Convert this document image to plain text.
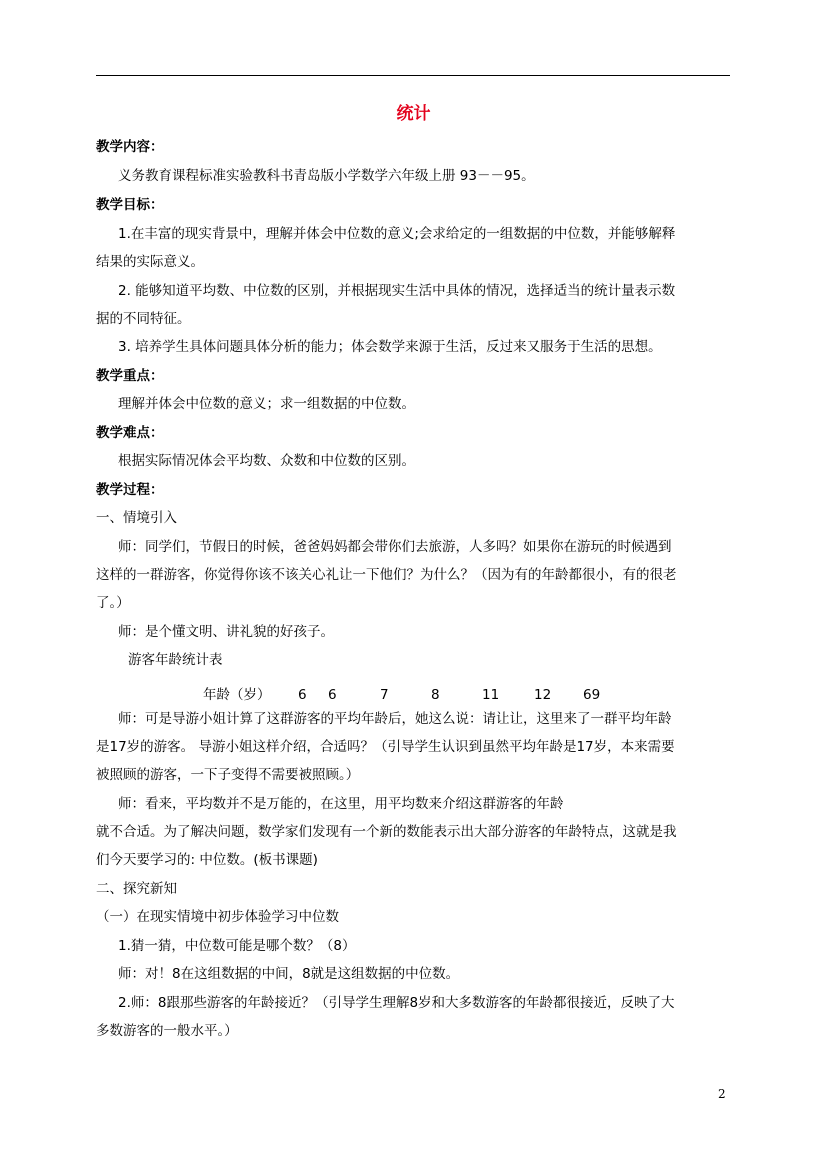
统计
教学内容：
义务教育课程标准实验教科书青岛版小学数学六年级上册 93－－95。
教学目标：
1.在丰富的现实背景中，理解并体会中位数的意义;会求给定的一组数据的中位数，并能够解释
结果的实际意义。
2. 能够知道平均数、中位数的区别，并根据现实生活中具体的情况，选择适当的统计量表示数
据的不同特征。
3. 培养学生具体问题具体分析的能力；体会数学来源于生活，反过来又服务于生活的思想。
教学重点：
理解并体会中位数的意义；求一组数据的中位数。
教学难点：
根据实际情况体会平均数、众数和中位数的区别。
教学过程：
一、情境引入
师：同学们，节假日的时候，爸爸妈妈都会带你们去旅游，人多吗？如果你在游玩的时候遇到
这样的一群游客，你觉得你该不该关心礼让一下他们？为什么？（因为有的年龄都很小，有的很老
了。）
师：是个懂文明、讲礼貌的好孩子。
游客年龄统计表
年龄（岁） 6 6	7	8	11	12 69
师：可是导游小姐计算了这群游客的平均年龄后，她这么说：请让让，这里来了一群平均年龄
是17岁的游客。 导游小姐这样介绍，合适吗？（引导学生认识到虽然平均年龄是17岁，本来需要
被照顾的游客，一下子变得不需要被照顾。）
师：看来，平均数并不是万能的，在这里，用平均数来介绍这群游客的年龄
就不合适。为了解决问题，数学家们发现有一个新的数能表示出大部分游客的年龄特点，这就是我
们今天要学习的: 中位数。(板书课题)
二、探究新知
（一）在现实情境中初步体验学习中位数
1.猜一猜，中位数可能是哪个数？（8）
师：对！8在这组数据的中间，8就是这组数据的中位数。
2.师：8跟那些游客的年龄接近？（引导学生理解8岁和大多数游客的年龄都很接近，反映了大
多数游客的一般水平。）
2
